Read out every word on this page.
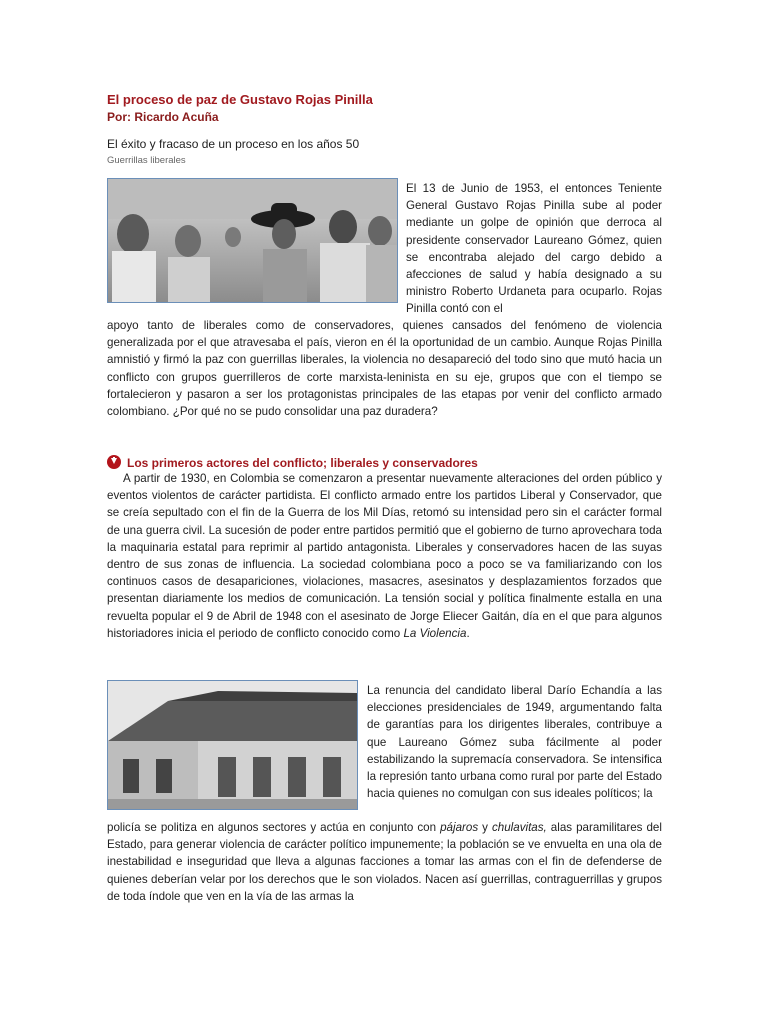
El proceso de paz de Gustavo Rojas Pinilla
Por: Ricardo Acuña
El éxito y fracaso de un proceso en los años 50
Guerrillas liberales
El 13 de Junio de 1953, el entonces Teniente General Gustavo Rojas Pinilla sube al poder mediante un golpe de opinión que derroca al presidente conservador Laureano Gómez, quien se encontraba alejado del cargo debido a afecciones de salud y había designado a su ministro Roberto Urdaneta para ocuparlo. Rojas Pinilla contó con el
apoyo tanto de liberales como de conservadores, quienes cansados del fenómeno de violencia generalizada por el que atravesaba el país, vieron en él la oportunidad de un cambio. Aunque Rojas Pinilla amnistió y firmó la paz con guerrillas liberales, la violencia no desapareció del todo sino que mutó hacia un conflicto con grupos guerrilleros de corte marxista-leninista en su eje, grupos que con el tiempo se fortalecieron y pasaron a ser los protagonistas principales de las etapas por venir del conflicto armado colombiano. ¿Por qué no se pudo consolidar una paz duradera?
Los primeros actores del conflicto; liberales y conservadores
A partir de 1930, en Colombia se comenzaron a presentar nuevamente alteraciones del orden público y eventos violentos de carácter partidista. El conflicto armado entre los partidos Liberal y Conservador, que se creía sepultado con el fin de la Guerra de los Mil Días, retomó su intensidad pero sin el carácter formal de una guerra civil. La sucesión de poder entre partidos permitió que el gobierno de turno aprovechara toda la maquinaria estatal para reprimir al partido antagonista. Liberales y conservadores hacen de las suyas dentro de sus zonas de influencia. La sociedad colombiana poco a poco se va familiarizando con los continuos casos de desapariciones, violaciones, masacres, asesinatos y desplazamientos forzados que presentan diariamente los medios de comunicación. La tensión social y política finalmente estalla en una revuelta popular el 9 de Abril de 1948 con el asesinato de Jorge Eliecer Gaitán, día en el que para algunos historiadores inicia el periodo de conflicto conocido como La Violencia.
La renuncia del candidato liberal Darío Echandía a las elecciones presidenciales de 1949, argumentando falta de garantías para los dirigentes liberales, contribuye a que Laureano Gómez suba fácilmente al poder estabilizando la supremacía conservadora. Se intensifica la represión tanto urbana como rural por parte del Estado hacia quienes no comulgan con sus ideales políticos; la
policía se politiza en algunos sectores y actúa en conjunto con pájaros y chulavitas, alas paramilitares del Estado, para generar violencia de carácter político impunemente; la población se ve envuelta en una ola de inestabilidad e inseguridad que lleva a algunas facciones a tomar las armas con el fin de defenderse de quienes deberían velar por los derechos que le son violados. Nacen así guerrillas, contraguerrillas y grupos de toda índole que ven en la vía de las armas la
